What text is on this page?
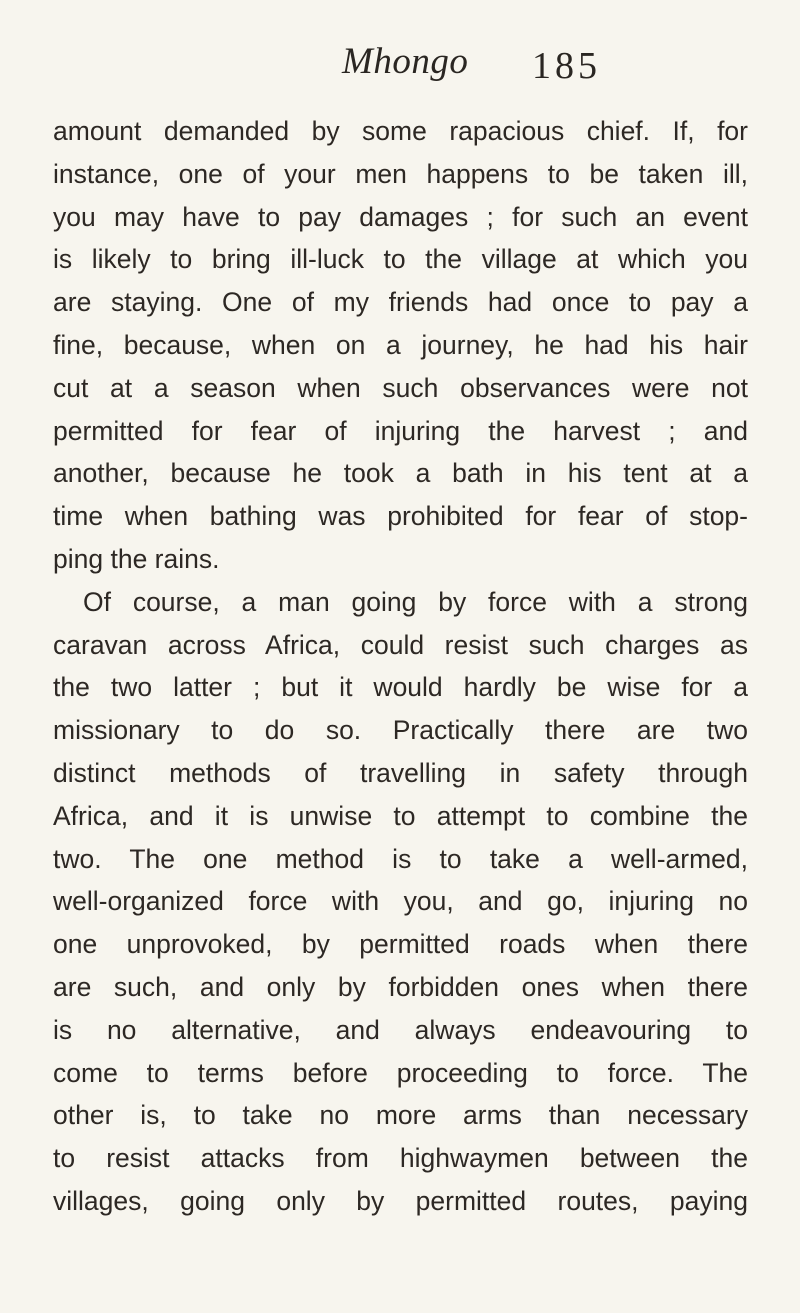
Mhongo 185
amount demanded by some rapacious chief. If, for
instance, one of your men happens to be taken ill,
you may have to pay damages ; for such an event
is likely to bring ill-luck to the village at which you
are staying. One of my friends had once to pay a
fine, because, when on a journey, he had his hair
cut at a season when such observances were not
permitted for fear of injuring the harvest ; and
another, because he took a bath in his tent at a
time when bathing was prohibited for fear of stop-
ping the rains.
Of course, a man going by force with a strong
caravan across Africa, could resist such charges as
the two latter ; but it would hardly be wise for a
missionary to do so. Practically there are two
distinct methods of travelling in safety through
Africa, and it is unwise to attempt to combine the
two. The one method is to take a well-armed,
well-organized force with you, and go, injuring no
one unprovoked, by permitted roads when there
are such, and only by forbidden ones when there
is no alternative, and always endeavouring to
come to terms before proceeding to force. The
other is, to take no more arms than necessary
to resist attacks from highwaymen between the
villages, going only by permitted routes, paying
